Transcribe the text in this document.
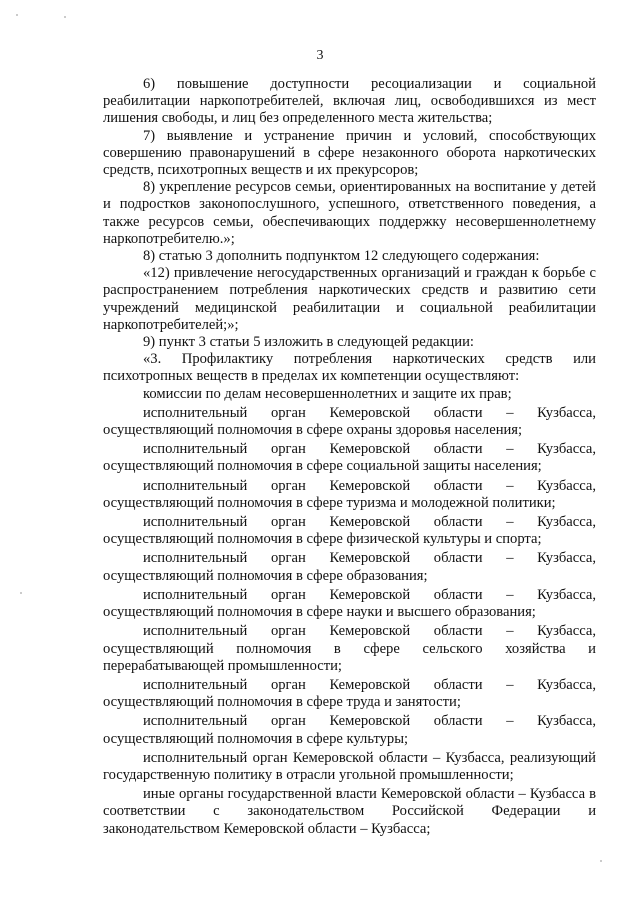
3

6) повышение доступности ресоциализации и социальной реабилитации наркопотребителей, включая лиц, освободившихся из мест лишения свободы, и лиц без определенного места жительства;

7) выявление и устранение причин и условий, способствующих совершению правонарушений в сфере незаконного оборота наркотических средств, психотропных веществ и их прекурсоров;

8) укрепление ресурсов семьи, ориентированных на воспитание у детей и подростков законопослушного, успешного, ответственного поведения, а также ресурсов семьи, обеспечивающих поддержку несовершеннолетнему наркопотребителю.»;

8) статью 3 дополнить подпунктом 12 следующего содержания:

«12) привлечение негосударственных организаций и граждан к борьбе с распространением потребления наркотических средств и развитию сети учреждений медицинской реабилитации и социальной реабилитации наркопотребителей;»;

9) пункт 3 статьи 5 изложить в следующей редакции:

«3. Профилактику потребления наркотических средств или психотропных веществ в пределах их компетенции осуществляют:

комиссии по делам несовершеннолетних и защите их прав;

исполнительный орган Кемеровской области – Кузбасса, осуществляющий полномочия в сфере охраны здоровья населения;

исполнительный орган Кемеровской области – Кузбасса, осуществляющий полномочия в сфере социальной защиты населения;

исполнительный орган Кемеровской области – Кузбасса, осуществляющий полномочия в сфере туризма и молодежной политики;

исполнительный орган Кемеровской области – Кузбасса, осуществляющий полномочия в сфере физической культуры и спорта;

исполнительный орган Кемеровской области – Кузбасса, осуществляющий полномочия в сфере образования;

исполнительный орган Кемеровской области – Кузбасса, осуществляющий полномочия в сфере науки и высшего образования;

исполнительный орган Кемеровской области – Кузбасса, осуществляющий полномочия в сфере сельского хозяйства и перерабатывающей промышленности;

исполнительный орган Кемеровской области – Кузбасса, осуществляющий полномочия в сфере труда и занятости;

исполнительный орган Кемеровской области – Кузбасса, осуществляющий полномочия в сфере культуры;

исполнительный орган Кемеровской области – Кузбасса, реализующий государственную политику в отрасли угольной промышленности;

иные органы государственной власти Кемеровской области – Кузбасса в соответствии с законодательством Российской Федерации и законодательством Кемеровской области – Кузбасса;
